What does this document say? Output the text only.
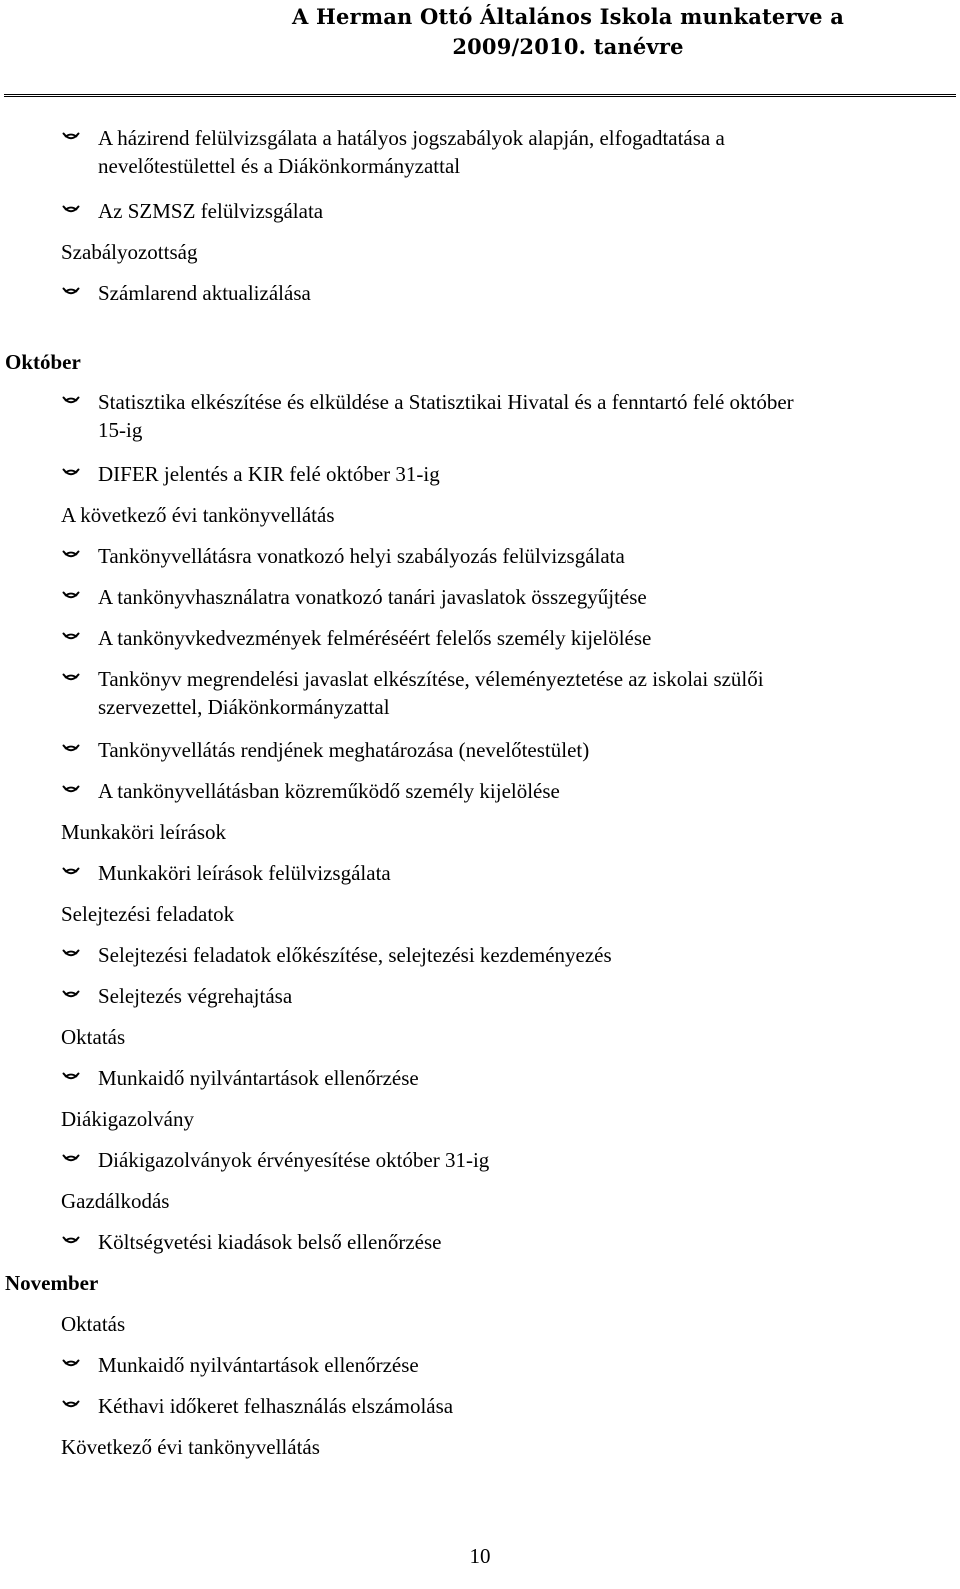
A Herman Ottó Általános Iskola munkaterve a
2009/2010. tanévre
A házirend felülvizsgálata a hatályos jogszabályok alapján, elfogadtatása a
nevelőtestülettel és a Diákönkormányzattal
Az SZMSZ felülvizsgálata
Szabályozottság
Számlarend aktualizálása
Október
Statisztika elkészítése és elküldése a Statisztikai Hivatal és a fenntartó felé október
15-ig
DIFER jelentés a KIR felé október 31-ig
A következő évi tankönyvellátás
Tankönyvellátásra vonatkozó helyi szabályozás felülvizsgálata
A tankönyvhasználatra vonatkozó tanári javaslatok összegyűjtése
A tankönyvkedvezmények felméréséért felelős személy kijelölése
Tankönyv megrendelési javaslat elkészítése, véleményeztetése az iskolai szülői
szervezettel, Diákönkormányzattal
Tankönyvellátás rendjének meghatározása (nevelőtestület)
A tankönyvellátásban közreműködő személy kijelölése
Munkaköri leírások
Munkaköri leírások felülvizsgálata
Selejtezési feladatok
Selejtezési feladatok előkészítése, selejtezési kezdeményezés
Selejtezés végrehajtása
Oktatás
Munkaidő nyilvántartások ellenőrzése
Diákigazolvány
Diákigazolványok érvényesítése október 31-ig
Gazdálkodás
Költségvetési kiadások belső ellenőrzése
November
Oktatás
Munkaidő nyilvántartások ellenőrzése
Kéthavi időkeret felhasználás elszámolása
Következő évi tankönyvellátás
10
